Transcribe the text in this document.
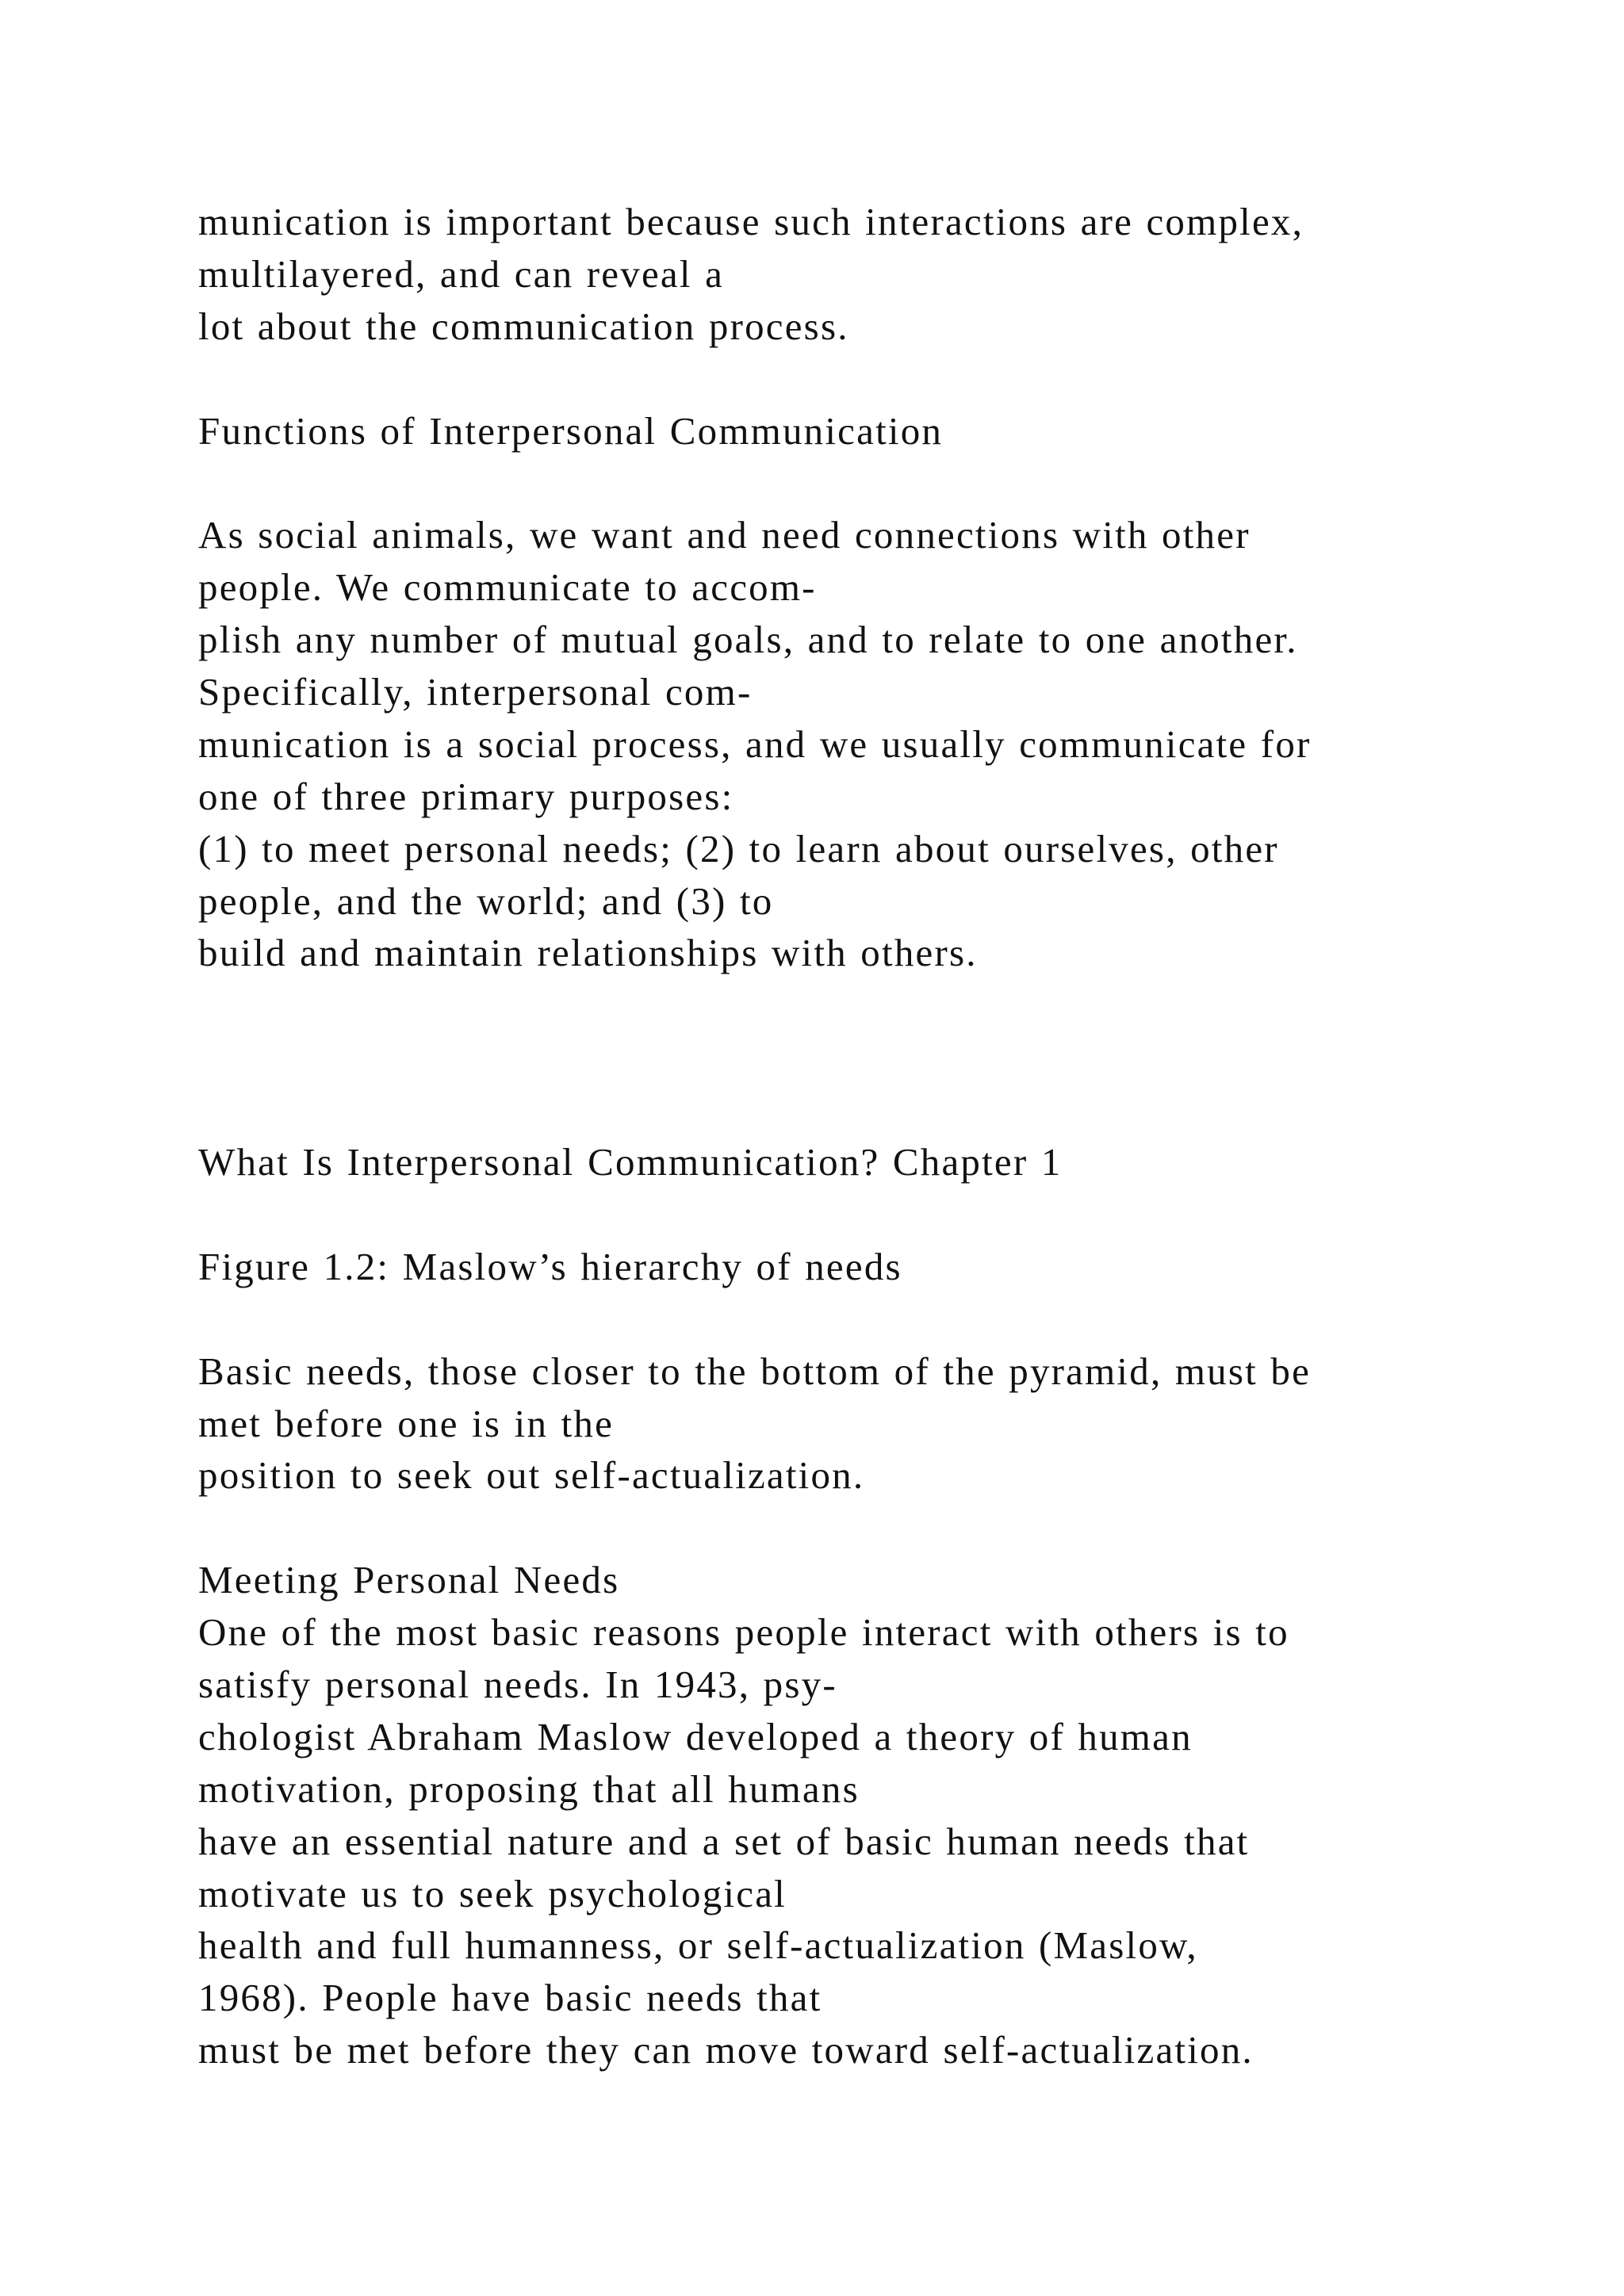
munication is important because such interactions are complex,
multilayered, and can reveal a
lot about the communication process.
Functions of Interpersonal Communication
As social animals, we want and need connections with other
people. We communicate to accom-
plish any number of mutual goals, and to relate to one another.
Specifically, interpersonal com-
munication is a social process, and we usually communicate for
one of three primary purposes:
(1) to meet personal needs; (2) to learn about ourselves, other
people, and the world; and (3) to
build and maintain relationships with others.
What Is Interpersonal Communication? Chapter 1
Figure 1.2: Maslow’s hierarchy of needs
Basic needs, those closer to the bottom of the pyramid, must be
met before one is in the
position to seek out self-actualization.
Meeting Personal Needs
One of the most basic reasons people interact with others is to
satisfy personal needs. In 1943, psy-
chologist Abraham Maslow developed a theory of human
motivation, proposing that all humans
have an essential nature and a set of basic human needs that
motivate us to seek psychological
health and full humanness, or self-actualization (Maslow,
1968). People have basic needs that
must be met before they can move toward self-actualization.
